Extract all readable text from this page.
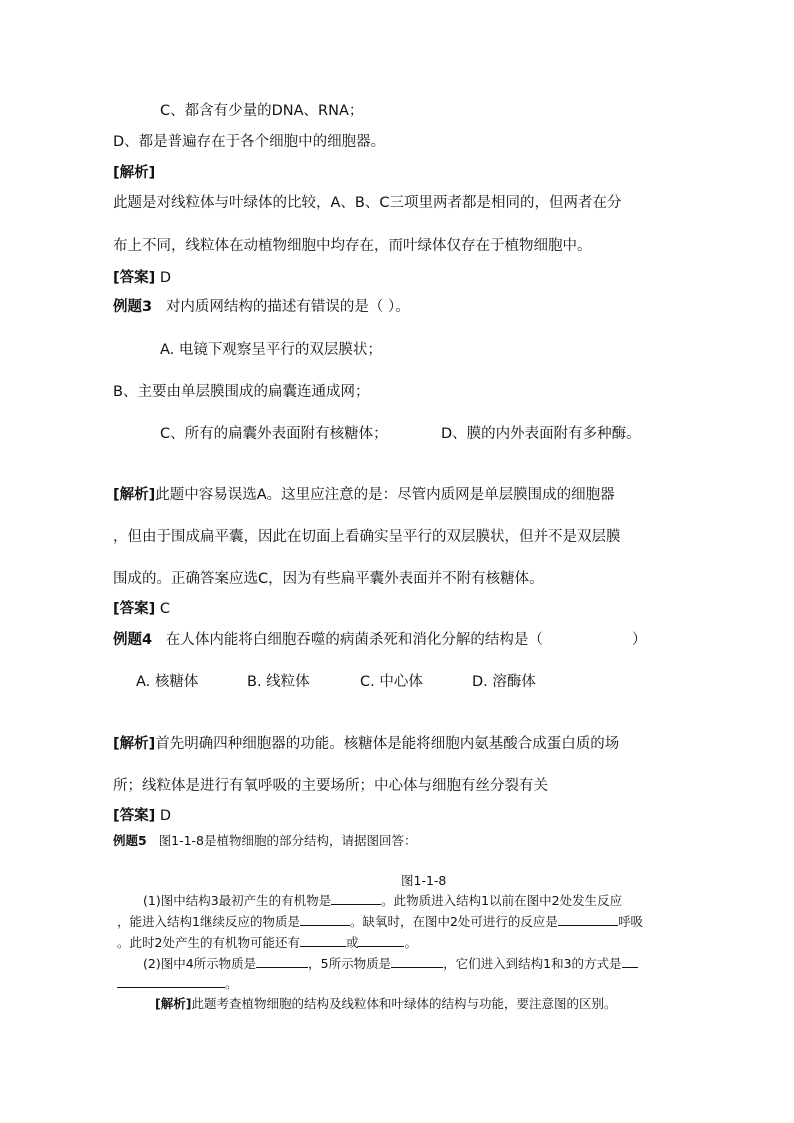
C、都含有少量的DNA、RNA；
D、都是普遍存在于各个细胞中的细胞器。
[解析]
此题是对线粒体与叶绿体的比较，A、B、C三项里两者都是相同的，但两者在分
布上不同，线粒体在动植物细胞中均存在，而叶绿体仅存在于植物细胞中。
[答案] D
例题3 对内质网结构的描述有错误的是（ ）。
A. 电镜下观察呈平行的双层膜状；
B、主要由单层膜围成的扁囊连通成网；
C、所有的扁囊外表面附有核糖体；	D、膜的内外表面附有多种酶。
[解析]此题中容易误选A。这里应注意的是：尽管内质网是单层膜围成的细胞器
，但由于围成扁平囊，因此在切面上看确实呈平行的双层膜状，但并不是双层膜
围成的。正确答案应选C，因为有些扁平囊外表面并不附有核糖体。
[答案] C
例题4 在人体内能将白细胞吞噬的病菌杀死和消化分解的结构是（	）
A. 核糖体	B. 线粒体	C. 中心体	D. 溶酶体
[解析]首先明确四种细胞器的功能。核糖体是能将细胞内氨基酸合成蛋白质的场
所；线粒体是进行有氧呼吸的主要场所；中心体与细胞有丝分裂有关
[答案] D
例题5 图1-1-8是植物细胞的部分结构，请据图回答：
图1-1-8
(1)图中结构3最初产生的有机物是	。此物质进入结构1以前在图中2处发生反应
，能进入结构1继续反应的物质是	。缺氧时，在图中2处可进行的反应是	呼吸
。此时2处产生的有机物可能还有	或	。
(2)图中4所示物质是	，5所示物质是	，它们进入到结构1和3的方式是
。
[解析]此题考查植物细胞的结构及线粒体和叶绿体的结构与功能，要注意图的区别。
